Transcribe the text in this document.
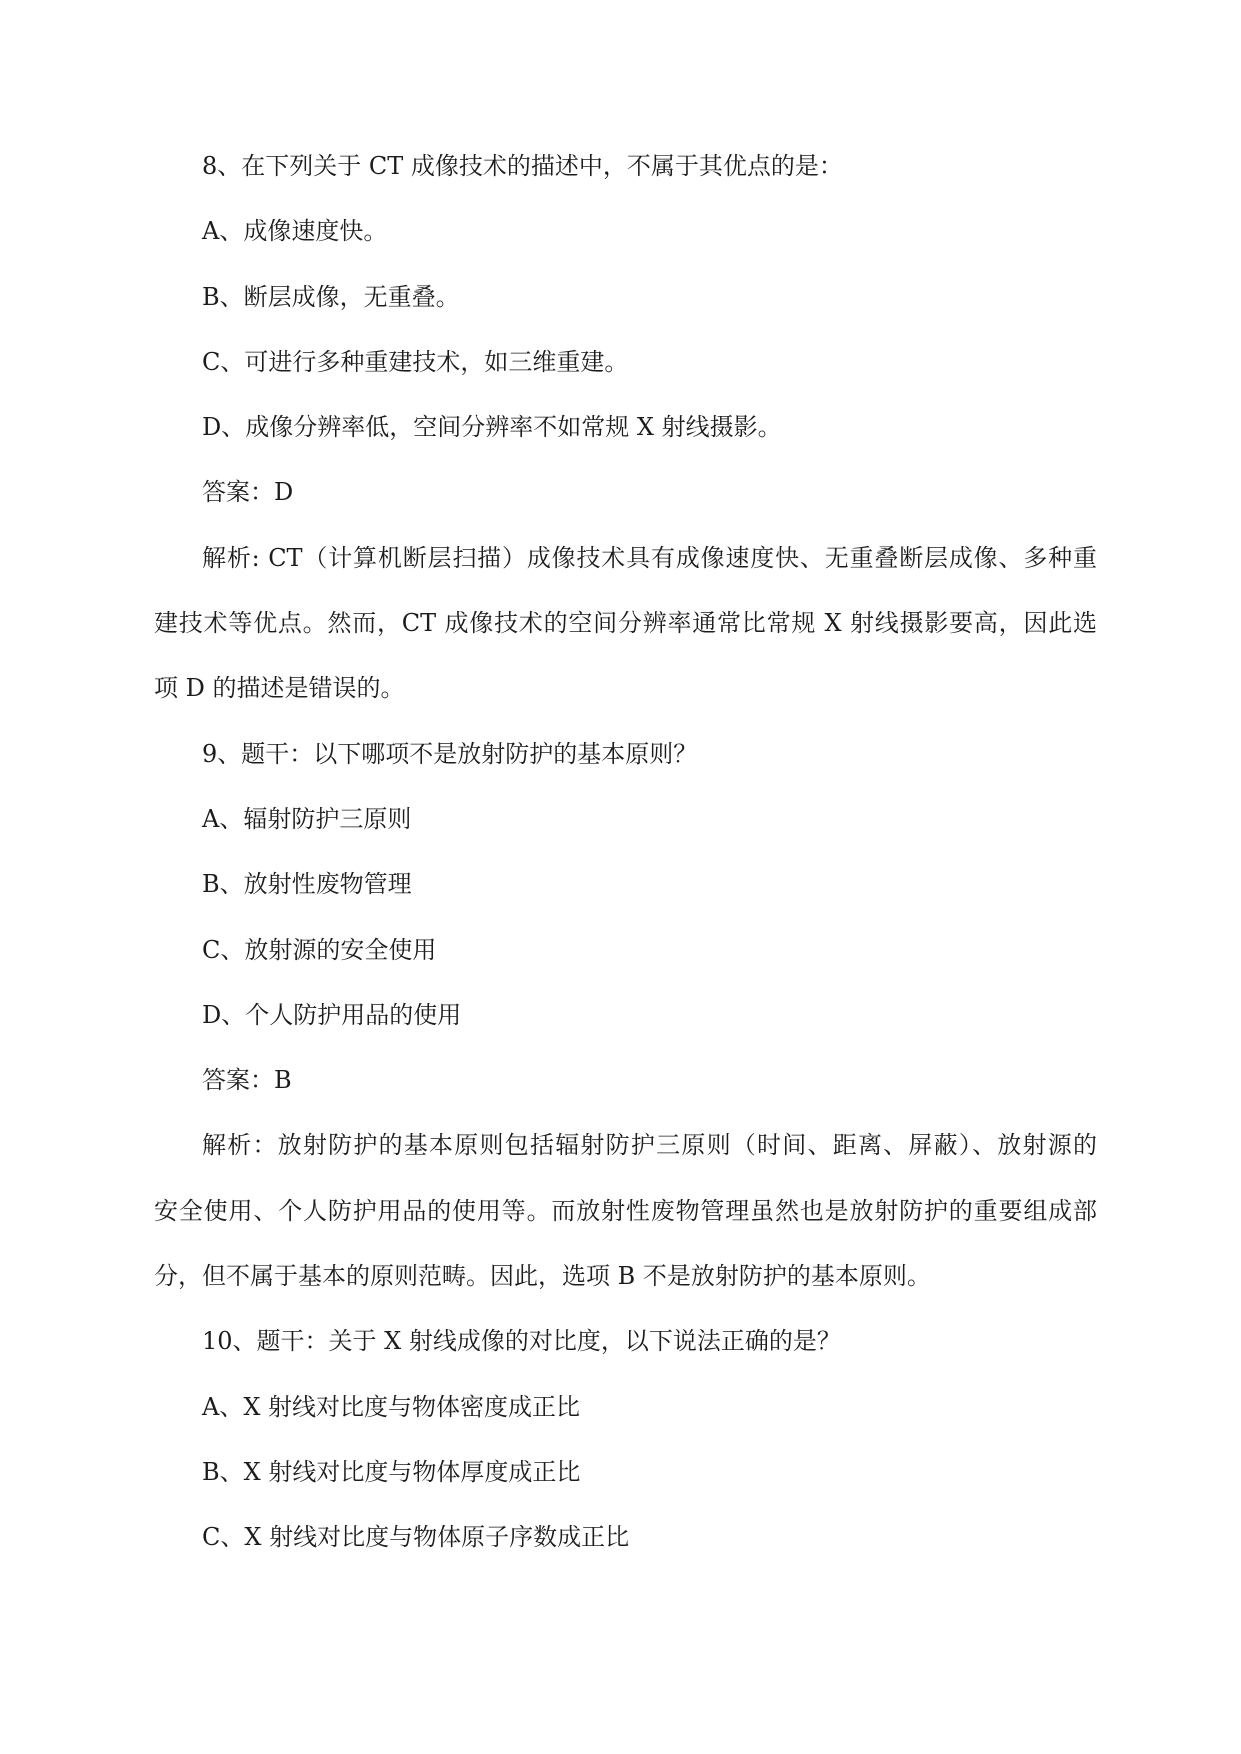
8、在下列关于 CT 成像技术的描述中，不属于其优点的是：

A、成像速度快。

B、断层成像，无重叠。

C、可进行多种重建技术，如三维重建。

D、成像分辨率低，空间分辨率不如常规 X 射线摄影。

答案：D

解析: CT（计算机断层扫描）成像技术具有成像速度快、无重叠断层成像、多种重

建技术等优点。然而，CT 成像技术的空间分辨率通常比常规 X 射线摄影要高，因此选

项 D 的描述是错误的。

9、题干：以下哪项不是放射防护的基本原则？

A、辐射防护三原则

B、放射性废物管理

C、放射源的安全使用

D、个人防护用品的使用

答案：B

解析：放射防护的基本原则包括辐射防护三原则（时间、距离、屏蔽）、放射源的

安全使用、个人防护用品的使用等。而放射性废物管理虽然也是放射防护的重要组成部

分，但不属于基本的原则范畴。因此，选项 B 不是放射防护的基本原则。

10、题干：关于 X 射线成像的对比度，以下说法正确的是？

A、X 射线对比度与物体密度成正比

B、X 射线对比度与物体厚度成正比

C、X 射线对比度与物体原子序数成正比
